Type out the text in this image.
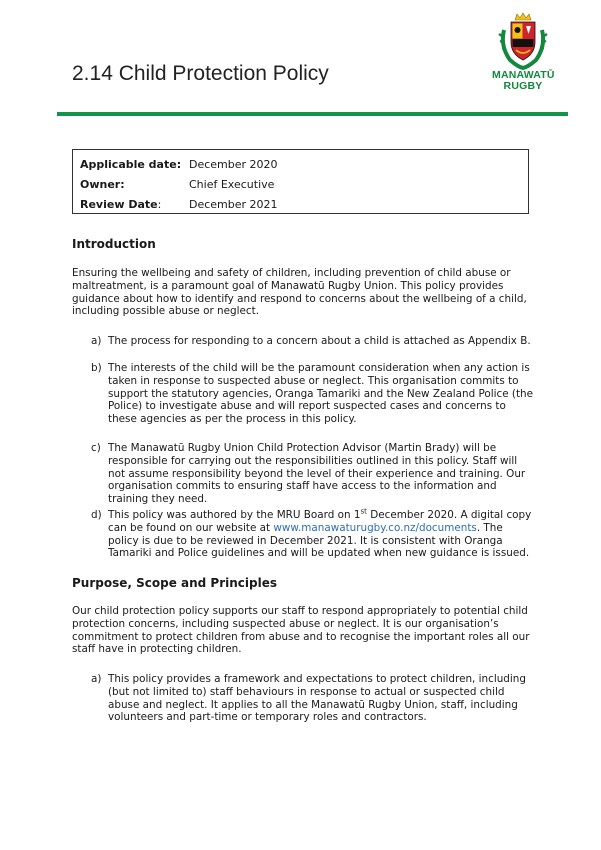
2.14 Child Protection Policy	MANAWATŪ
RUGBY
Applicable date: December 2020
Owner:	Chief Executive
Review Date:	December 2021
Introduction

Ensuring the wellbeing and safety of children, including prevention of child abuse or maltreatment, is a paramount goal of Manawatū Rugby Union. This policy provides guidance about how to identify and respond to concerns about the wellbeing of a child, including possible abuse or neglect.

a) The process for responding to a concern about a child is attached as Appendix B.
b) The interests of the child will be the paramount consideration when any action is taken in response to suspected abuse or neglect. This organisation commits to support the statutory agencies, Oranga Tamariki and the New Zealand Police (the Police) to investigate abuse and will report suspected cases and concerns to these agencies as per the process in this policy.
c) The Manawatū Rugby Union Child Protection Advisor (Martin Brady) will be responsible for carrying out the responsibilities outlined in this policy. Staff will not assume responsibility beyond the level of their experience and training. Our organisation commits to ensuring staff have access to the information and training they need.
d) This policy was authored by the MRU Board on 1st December 2020. A digital copy can be found on our website at www.manawaturugby.co.nz/documents. The policy is due to be reviewed in December 2021. It is consistent with Oranga Tamariki and Police guidelines and will be updated when new guidance is issued.
Purpose, Scope and Principles

Our child protection policy supports our staff to respond appropriately to potential child protection concerns, including suspected abuse or neglect. It is our organisation’s commitment to protect children from abuse and to recognise the important roles all our staff have in protecting children.

a) This policy provides a framework and expectations to protect children, including (but not limited to) staff behaviours in response to actual or suspected child abuse and neglect. It applies to all the Manawatū Rugby Union, staff, including volunteers and part-time or temporary roles and contractors.
